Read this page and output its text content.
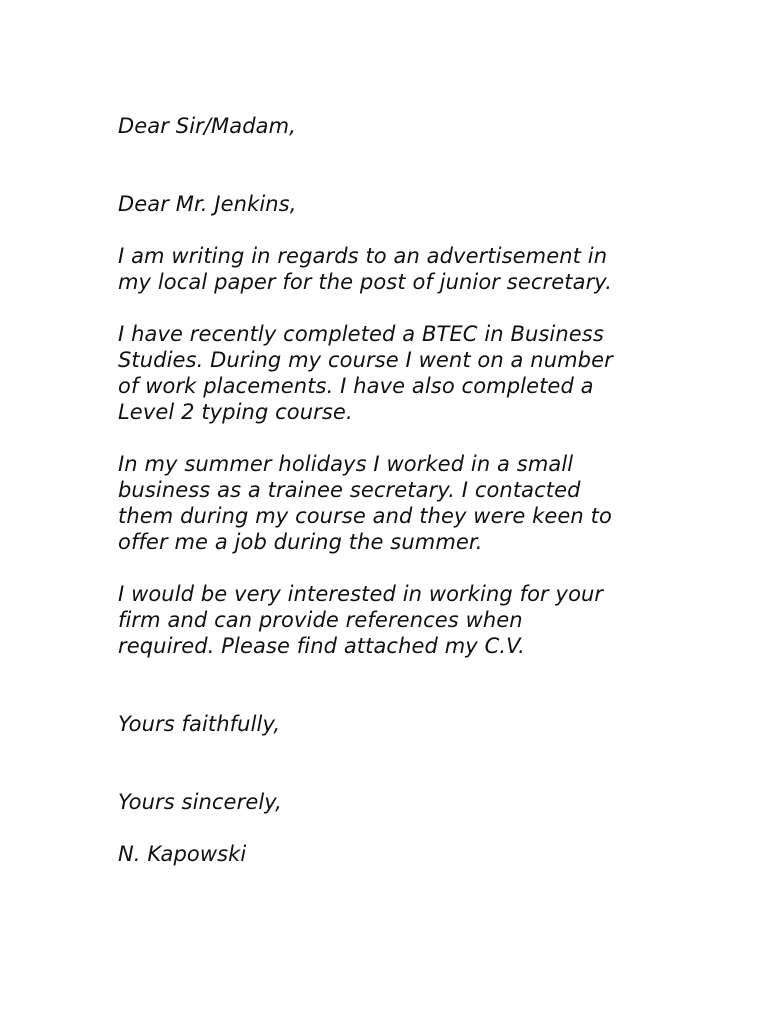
Dear Sir/Madam,
Dear Mr. Jenkins,

I am writing in regards to an advertisement in
my local paper for the post of junior secretary.

I have recently completed a BTEC in Business
Studies. During my course I went on a number
of work placements. I have also completed a
Level 2 typing course.

In my summer holidays I worked in a small
business as a trainee secretary. I contacted
them during my course and they were keen to
offer me a job during the summer.

I would be very interested in working for your
firm and can provide references when
required. Please find attached my C.V.

Yours faithfully,
Yours sincerely,
N. Kapowski
